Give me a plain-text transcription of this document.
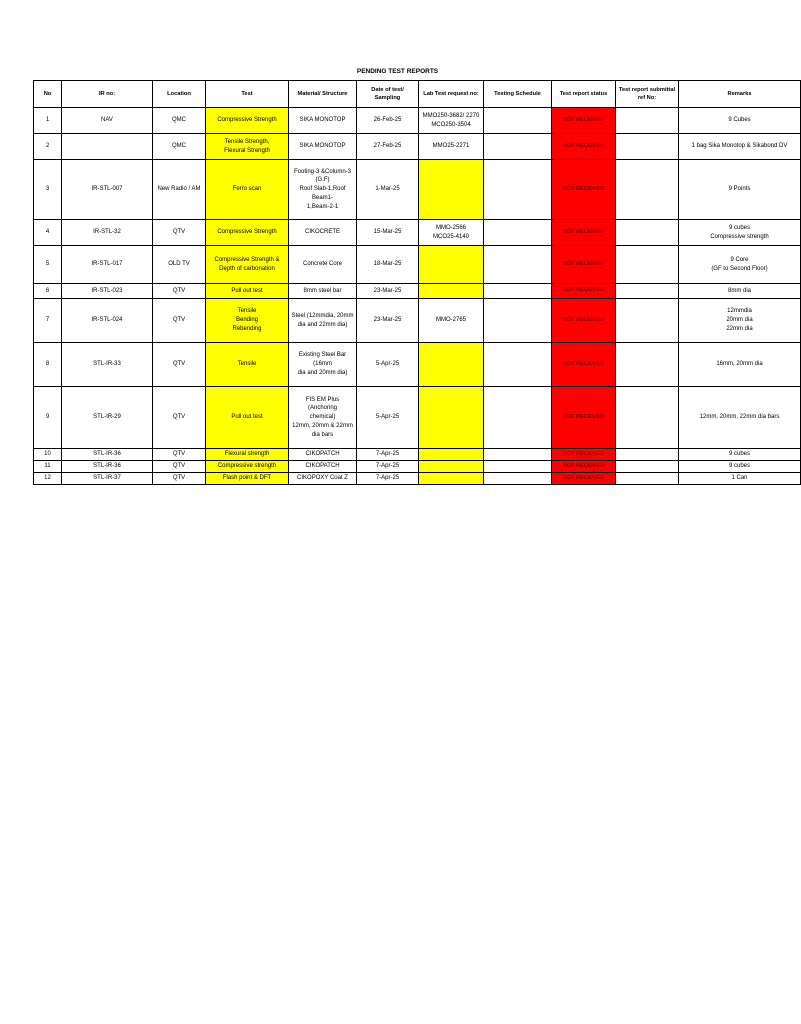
PENDING TEST REPORTS
No	IR no:	Location	Test	Material/ Structure	Date of test/ Sampling	Lab Test request no:	Testing Schedule	Test report status	Test report submittal ref No:	Remarks
1	NAV	QMC	Compressive Strength	SIKA MONOTOP	26-Feb-25	MMO250-3682/ 2270
MCO250-3504		NOT RECEIVED		9 Cubes

2		QMC	Tensile Strength,
Flexural Strength	SIKA MONOTOP	27-Feb-25	MMO25-2271		NOT RECEIVED		1 bag Sika Monotop & Sikabond DV

3	IR-STL-007	New Radio / AM	Ferro scan	Footing-3 &Column-3
(G.F)
Roof Slab-1,Roof Beam1-
1,Beam-2-1	1-Mar-25			NOT RECEIVED		9 Points

4	IR-STL-32	QTV	Compressive Strength	CIKOCRETE	15-Mar-25	MMO-2566
MCO25-4140		NOT RECEIVED		9 cubes
Compressive strength

5	IR-STL-017	OLD TV	Compressive Strength &
Depth of carbonation	Concrete Core	18-Mar-25			NOT RECEIVED		9 Core
(GF to Second Floor)

6	IR-STL-023	QTV	Pull out test	8mm steel bar	23-Mar-25			NOT RECEIVED		8mm dia

7	IR-STL-024	QTV	Tensile
Bending
Rebending	Steel (12mmdia, 20mm
dia and 22mm dia)	23-Mar-25	MMO-2765		NOT RECEIVED		12mmdia
20mm dia
22mm dia

8	STL-IR-33	QTV	Tensile	Existing Steel Bar (16mm
dia and 20mm dia)	5-Apr-25			NOT RECEIVED		16mm, 20mm dia

9	STL-IR-29	QTV	Pull out test	FIS EM Plus (Anchoring
chemical)
12mm, 20mm & 22mm
dia bars	5-Apr-25			NOT RECEIVED		12mm, 20mm, 22mm dia bars

10	STL-IR-36	QTV	Flexural strength	CIKOPATCH	7-Apr-25			NOT RECEIVED		9 cubes

11	STL-IR-36	QTV	Compressive strength	CIKOPATCH	7-Apr-25			NOT RECEIVED		9 cubes

12	STL-IR-37	QTV	Flash point & DFT	CIKOPOXY Coat Z	7-Apr-25			NOT RECEIVED		1 Can
